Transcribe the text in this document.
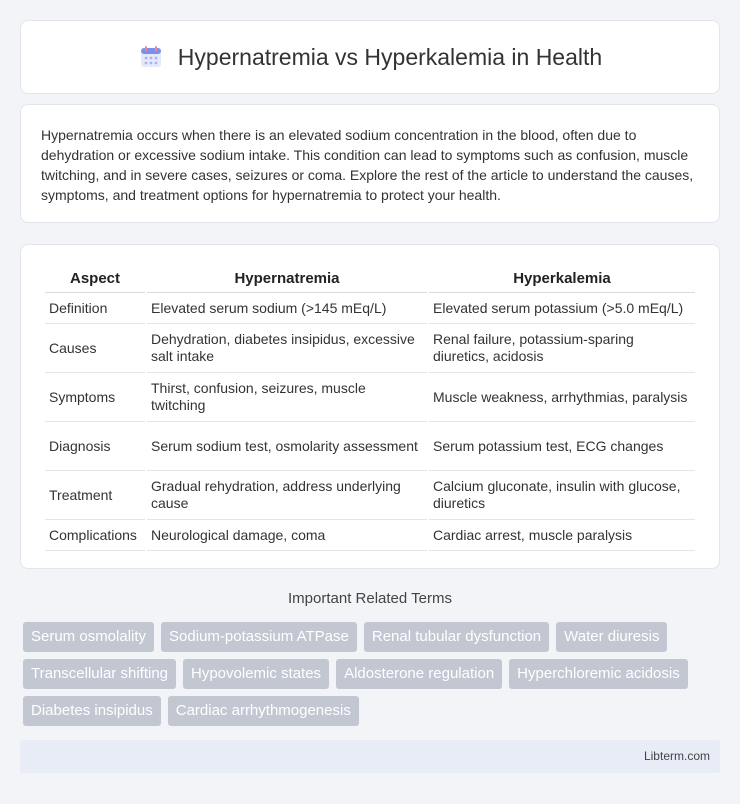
Hypernatremia vs Hyperkalemia in Health

Hypernatremia occurs when there is an elevated sodium concentration in the blood, often due to dehydration or excessive sodium intake. This condition can lead to symptoms such as confusion, muscle twitching, and in severe cases, seizures or coma. Explore the rest of the article to understand the causes, symptoms, and treatment options for hypernatremia to protect your health.

Aspect	Hypernatremia	Hyperkalemia
Definition	Elevated serum sodium (>145 mEq/L)	Elevated serum potassium (>5.0 mEq/L)
Causes	Dehydration, diabetes insipidus, excessive salt intake	Renal failure, potassium-sparing diuretics, acidosis
Symptoms	Thirst, confusion, seizures, muscle twitching	Muscle weakness, arrhythmias, paralysis
Diagnosis	Serum sodium test, osmolarity assessment	Serum potassium test, ECG changes
Treatment	Gradual rehydration, address underlying cause	Calcium gluconate, insulin with glucose, diuretics
Complications	Neurological damage, coma	Cardiac arrest, muscle paralysis
Important Related Terms
Serum osmolality	Sodium-potassium ATPase	Renal tubular dysfunction	Water diuresis
Transcellular shifting	Hypovolemic states	Aldosterone regulation	Hyperchloremic acidosis
Diabetes insipidus	Cardiac arrhythmogenesis
Libterm.com
